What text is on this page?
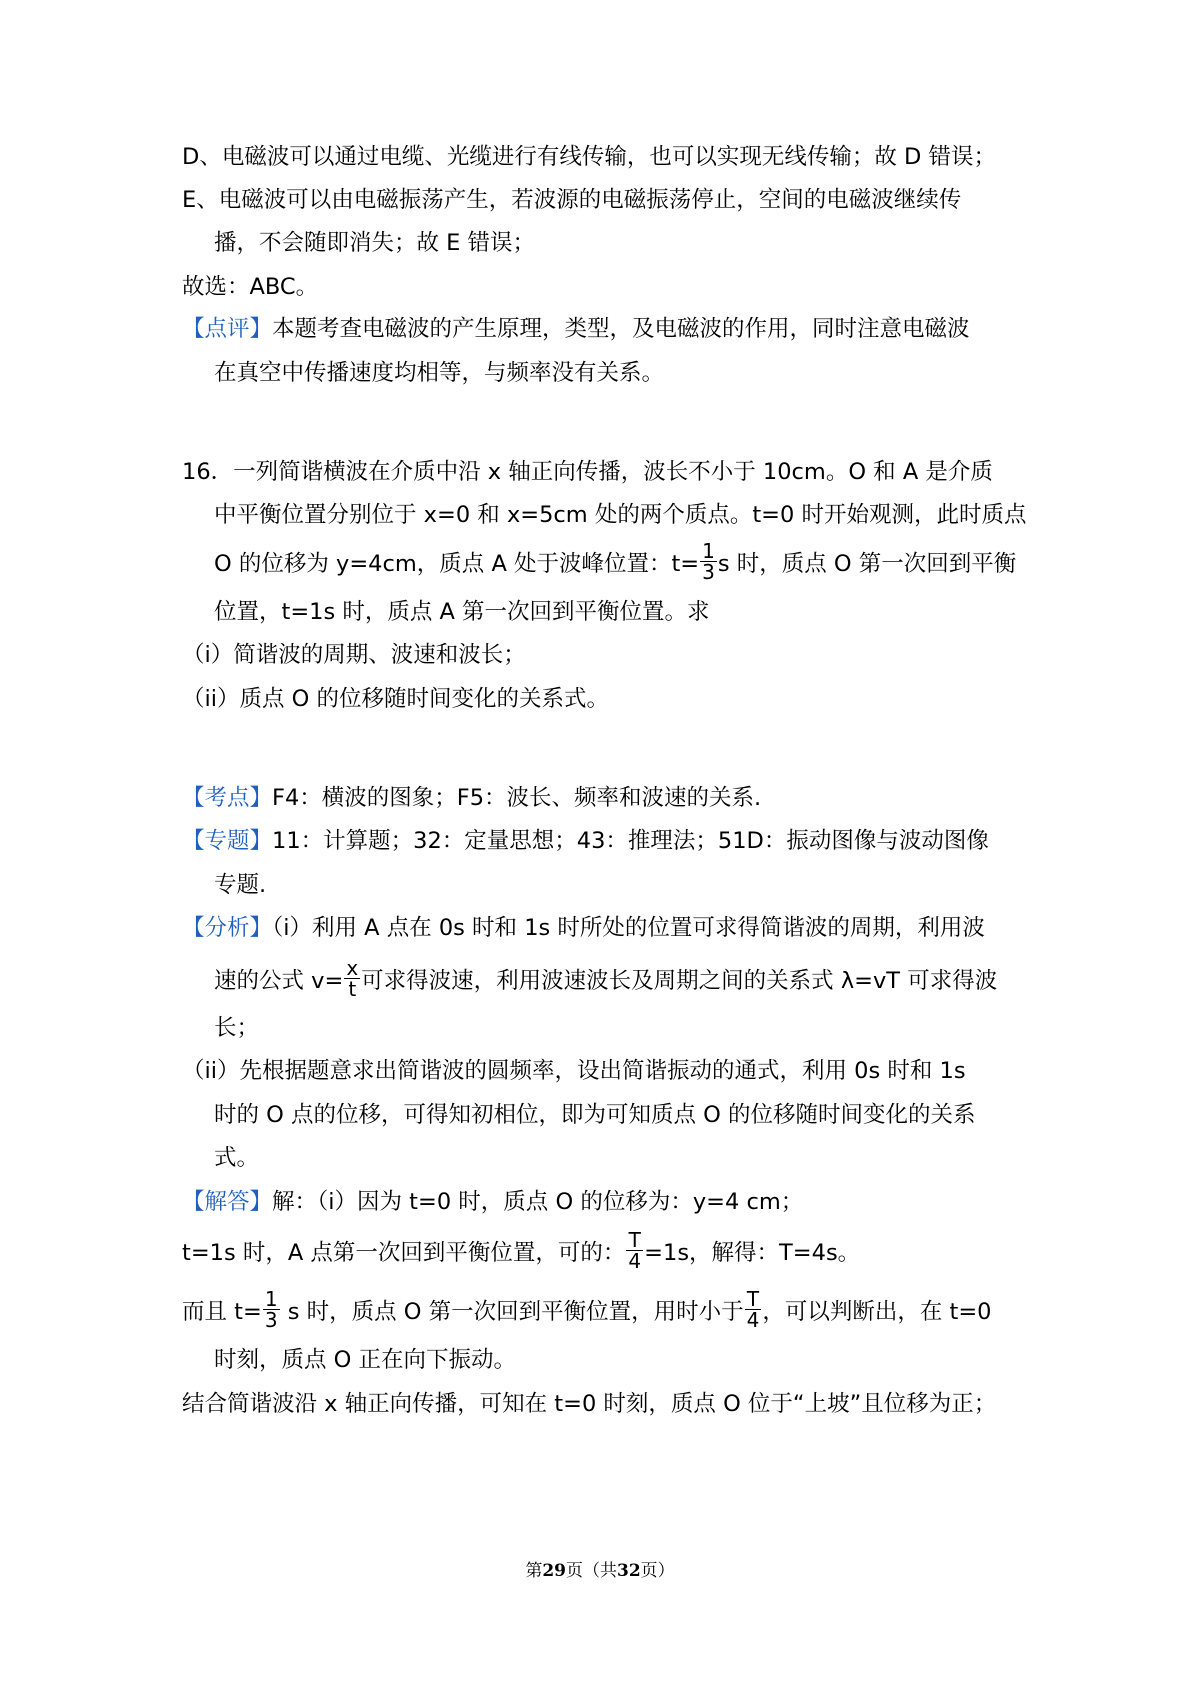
D、电磁波可以通过电缆、光缆进行有线传输，也可以实现无线传输；故 D 错误；
E、电磁波可以由电磁振荡产生，若波源的电磁振荡停止，空间的电磁波继续传
播，不会随即消失；故 E 错误；
故选：ABC。
【点评】本题考查电磁波的产生原理，类型，及电磁波的作用，同时注意电磁波
在真空中传播速度均相等，与频率没有关系。
16．一列简谐横波在介质中沿 x 轴正向传播，波长不小于 10cm。O 和 A 是介质
中平衡位置分别位于 x=0 和 x=5cm 处的两个质点。t=0 时开始观测，此时质点
O 的位移为 y=4cm，质点 A 处于波峰位置：$t= \frac{1}{3}$ s 时，质点 O 第一次回到平衡
位置，t=1s 时，质点 A 第一次回到平衡位置。求
（i）简谐波的周期、波速和波长；
（ii）质点 O 的位移随时间变化的关系式。
【考点】F4：横波的图象；F5：波长、频率和波速的关系.
【专题】11：计算题；32：定量思想；43：推理法；51D：振动图像与波动图像
专题.
【分析】（i）利用 A 点在 0s 时和 1s 时所处的位置可求得简谐波的周期，利用波
速的公式 $v= \frac{x}{t}$ 可求得波速，利用波速波长及周期之间的关系式 λ=vT 可求得波
长；
（ii）先根据题意求出简谐波的圆频率，设出简谐振动的通式，利用 0s 时和 1s
时的 O 点的位移，可得知初相位，即为可知质点 O 的位移随时间变化的关系
式。
【解答】解：（i）因为 t=0 时，质点 O 的位移为：y=4 cm；
t=1s 时，A 点第一次回到平衡位置，可的： $\frac{T}{4} =1s$，解得：T=4s。
而且 $t= \frac{1}{3}$ s 时，质点 O 第一次回到平衡位置，用时小于 $\frac{T}{4}$ ，可以判断出，在 t=0
时刻，质点 O 正在向下振动。
结合简谐波沿 x 轴正向传播，可知在 t=0 时刻，质点 O 位于“上坡”且位移为正；
第29页（共32页）
